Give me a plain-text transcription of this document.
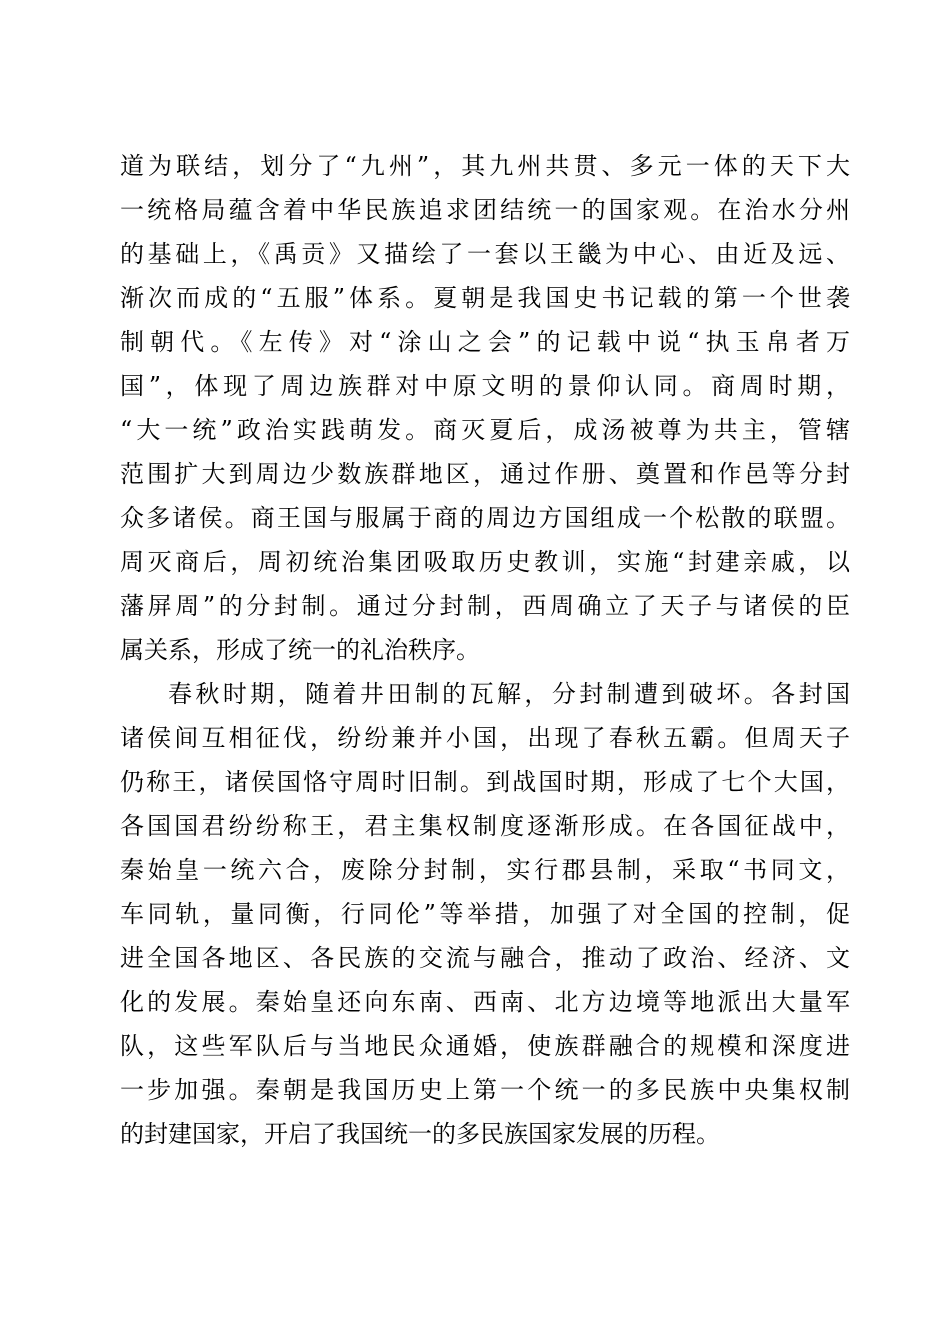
道为联结，划分了“九州”，其九州共贯、多元一体的天下大
一统格局蕴含着中华民族追求团结统一的国家观。在治水分州
的基础上，《禹贡》又描绘了一套以王畿为中心、由近及远、
渐次而成的“五服”体系。夏朝是我国史书记载的第一个世袭
制朝代。《左传》对“涂山之会”的记载中说“执玉帛者万
国”，体现了周边族群对中原文明的景仰认同。商周时期，
“大一统”政治实践萌发。商灭夏后，成汤被尊为共主，管辖
范围扩大到周边少数族群地区，通过作册、奠置和作邑等分封
众多诸侯。商王国与服属于商的周边方国组成一个松散的联盟。
周灭商后，周初统治集团吸取历史教训，实施“封建亲戚，以
藩屏周”的分封制。通过分封制，西周确立了天子与诸侯的臣
属关系，形成了统一的礼治秩序。
春秋时期，随着井田制的瓦解，分封制遭到破坏。各封国
诸侯间互相征伐，纷纷兼并小国，出现了春秋五霸。但周天子
仍称王，诸侯国恪守周时旧制。到战国时期，形成了七个大国，
各国国君纷纷称王，君主集权制度逐渐形成。在各国征战中，
秦始皇一统六合，废除分封制，实行郡县制，采取“书同文，
车同轨，量同衡，行同伦”等举措，加强了对全国的控制，促
进全国各地区、各民族的交流与融合，推动了政治、经济、文
化的发展。秦始皇还向东南、西南、北方边境等地派出大量军
队，这些军队后与当地民众通婚，使族群融合的规模和深度进
一步加强。秦朝是我国历史上第一个统一的多民族中央集权制
的封建国家，开启了我国统一的多民族国家发展的历程。
